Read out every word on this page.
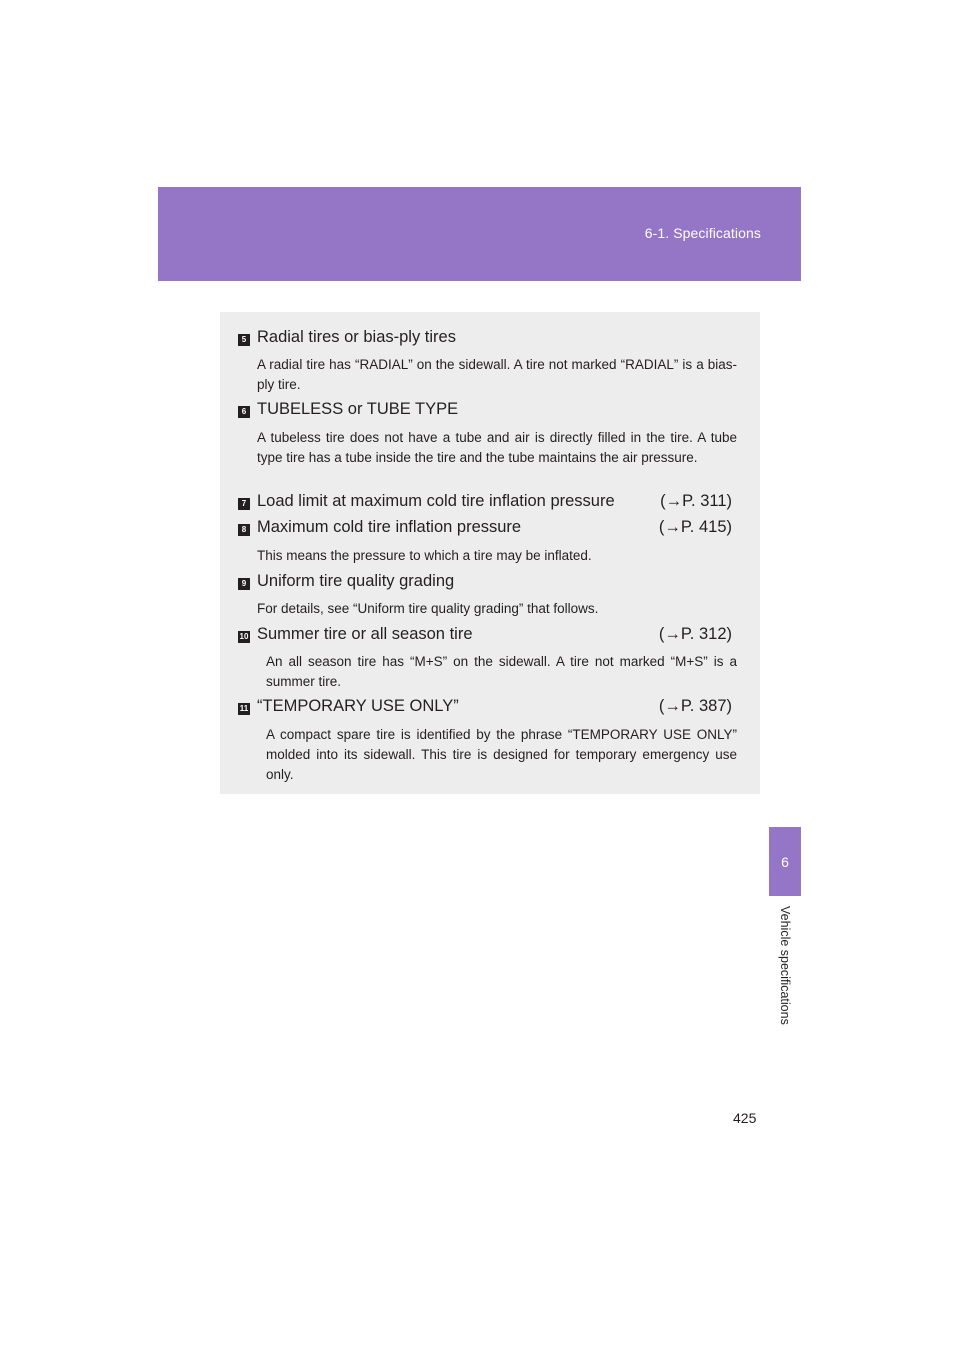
6-1. Specifications
6
Vehicle specifications
5 Radial tires or bias-ply tires
A radial tire has “RADIAL” on the sidewall. A tire not marked “RADIAL” is a bias-ply tire.
6 TUBELESS or TUBE TYPE
A tubeless tire does not have a tube and air is directly filled in the tire. A tube type tire has a tube inside the tire and the tube maintains the air pressure.
7 Load limit at maximum cold tire inflation pressure	(→P. 311)
8 Maximum cold tire inflation pressure	(→P. 415)
This means the pressure to which a tire may be inflated.
9 Uniform tire quality grading
For details, see “Uniform tire quality grading” that follows.
10 Summer tire or all season tire	(→P. 312)
An all season tire has “M+S” on the sidewall. A tire not marked “M+S” is a summer tire.
11 “TEMPORARY USE ONLY”	(→P. 387)
A compact spare tire is identified by the phrase “TEMPORARY USE ONLY” molded into its sidewall. This tire is designed for temporary emergency use only.
425
